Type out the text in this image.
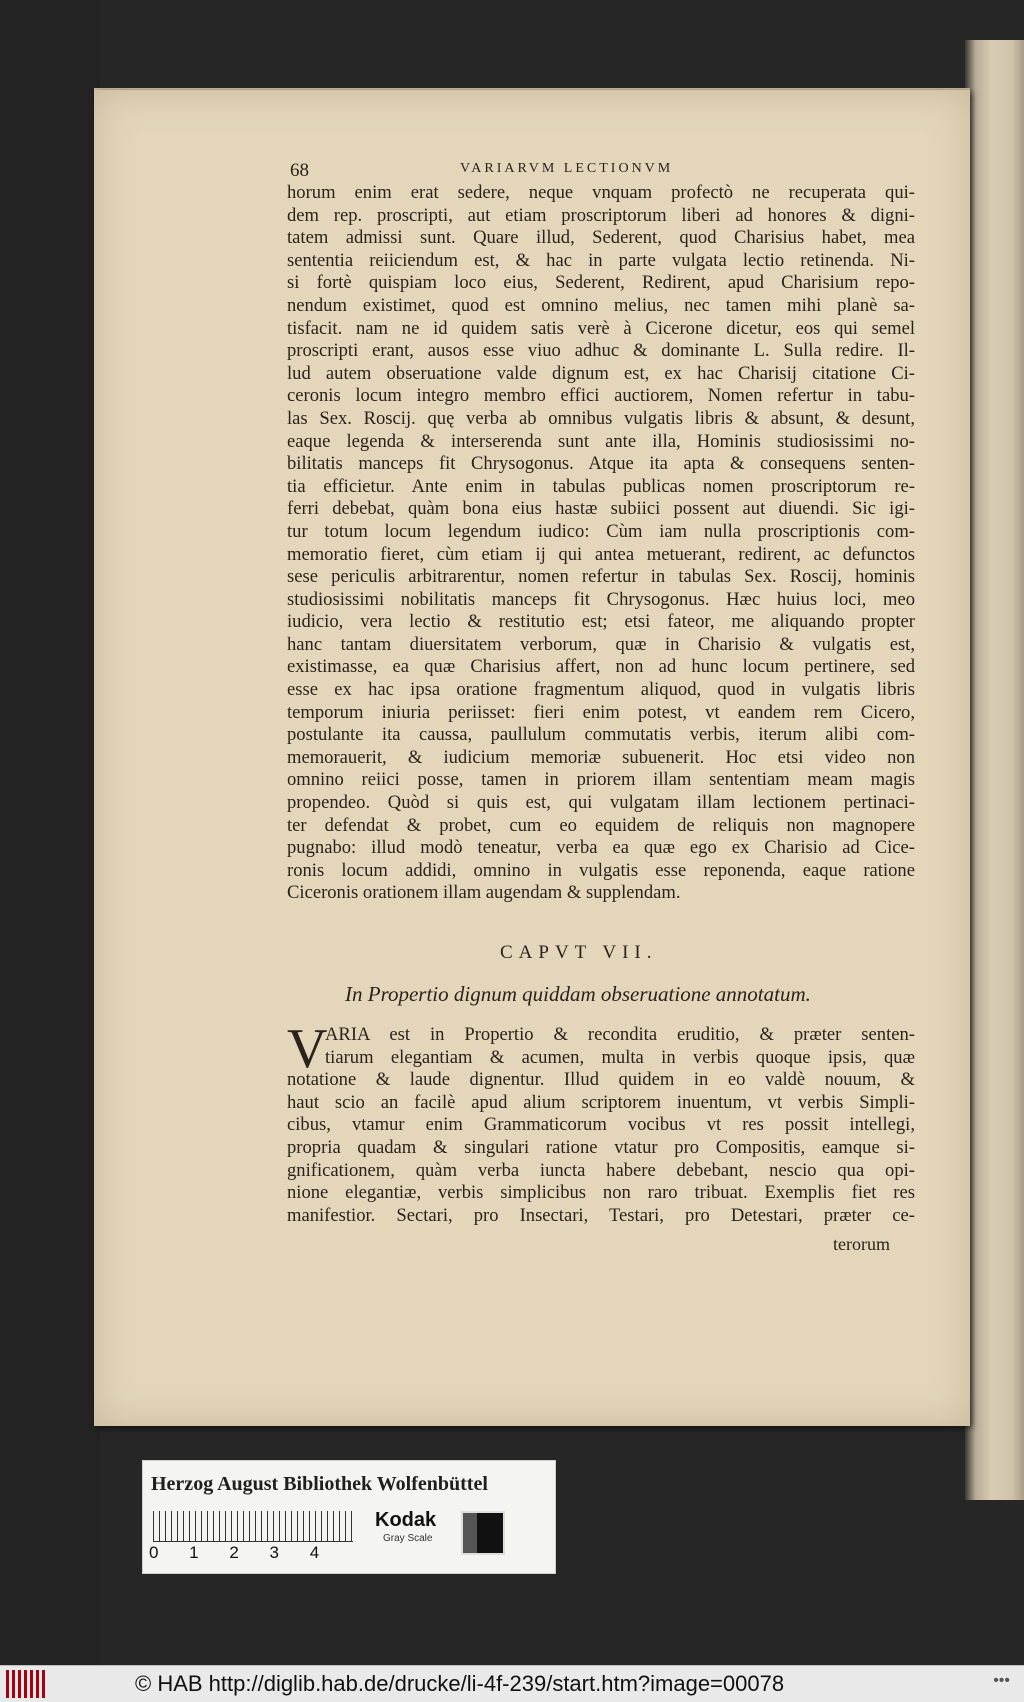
68	VARIARVM LECTIONVM
horum enim erat sedere, neque vnquam profectò ne recuperata qui-
dem rep. proscripti, aut etiam proscriptorum liberi ad honores & digni-
tatem admissi sunt. Quare illud, Sederent, quod Charisius habet, mea
sententia reiiciendum est, & hac in parte vulgata lectio retinenda. Ni-
si fortè quispiam loco eius, Sederent, Redirent, apud Charisium repo-
nendum existimet, quod est omnino melius, nec tamen mihi planè sa-
tisfacit. nam ne id quidem satis verè à Cicerone dicetur, eos qui semel
proscripti erant, ausos esse viuo adhuc & dominante L. Sulla redire. Il-
lud autem obseruatione valde dignum est, ex hac Charisij citatione Ci-
ceronis locum integro membro effici auctiorem, Nomen refertur in tabu-
las Sex. Roscij. quę verba ab omnibus vulgatis libris & absunt, & desunt,
eaque legenda & interserenda sunt ante illa, Hominis studiosissimi no-
bilitatis manceps fit Chrysogonus. Atque ita apta & consequens senten-
tia efficietur. Ante enim in tabulas publicas nomen proscriptorum re-
ferri debebat, quàm bona eius hastæ subiici possent aut diuendi. Sic igi-
tur totum locum legendum iudico: Cùm iam nulla proscriptionis com-
memoratio fieret, cùm etiam ij qui antea metuerant, redirent, ac defunctos
sese periculis arbitrarentur, nomen refertur in tabulas Sex. Roscij, hominis
studiosissimi nobilitatis manceps fit Chrysogonus. Hæc huius loci, meo
iudicio, vera lectio & restitutio est; etsi fateor, me aliquando propter
hanc tantam diuersitatem verborum, quæ in Charisio & vulgatis est,
existimasse, ea quæ Charisius affert, non ad hunc locum pertinere, sed
esse ex hac ipsa oratione fragmentum aliquod, quod in vulgatis libris
temporum iniuria periisset: fieri enim potest, vt eandem rem Cicero,
postulante ita caussa, paullulum commutatis verbis, iterum alibi com-
memorauerit, & iudicium memoriæ subuenerit. Hoc etsi video non
omnino reiici posse, tamen in priorem illam sententiam meam magis
propendeo. Quòd si quis est, qui vulgatam illam lectionem pertinaci-
ter defendat & probet, cum eo equidem de reliquis non magnopere
pugnabo: illud modò teneatur, verba ea quæ ego ex Charisio ad Cice-
ronis locum addidi, omnino in vulgatis esse reponenda, eaque ratione
Ciceronis orationem illam augendam & supplendam.
CAPVT VII.
In Propertio dignum quiddam obseruatione annotatum.
V
ARIA est in Propertio & recondita eruditio, & præter senten-
tiarum elegantiam & acumen, multa in verbis quoque ipsis, quæ
notatione & laude dignentur. Illud quidem in eo valdè nouum, &
haut scio an facilè apud alium scriptorem inuentum, vt verbis Simpli-
cibus, vtamur enim Grammaticorum vocibus vt res possit intellegi,
propria quadam & singulari ratione vtatur pro Compositis, eamque si-
gnificationem, quàm verba iuncta habere debebant, nescio qua opi-
nione elegantiæ, verbis simplicibus non raro tribuat. Exemplis fiet res
manifestior. Sectari, pro Insectari, Testari, pro Detestari, præter ce-
terorum
Herzog August Bibliothek Wolfenbüttel
0 1 2 3 4
Kodak
Gray Scale
© HAB http://diglib.hab.de/drucke/li-4f-239/start.htm?image=00078	•••
